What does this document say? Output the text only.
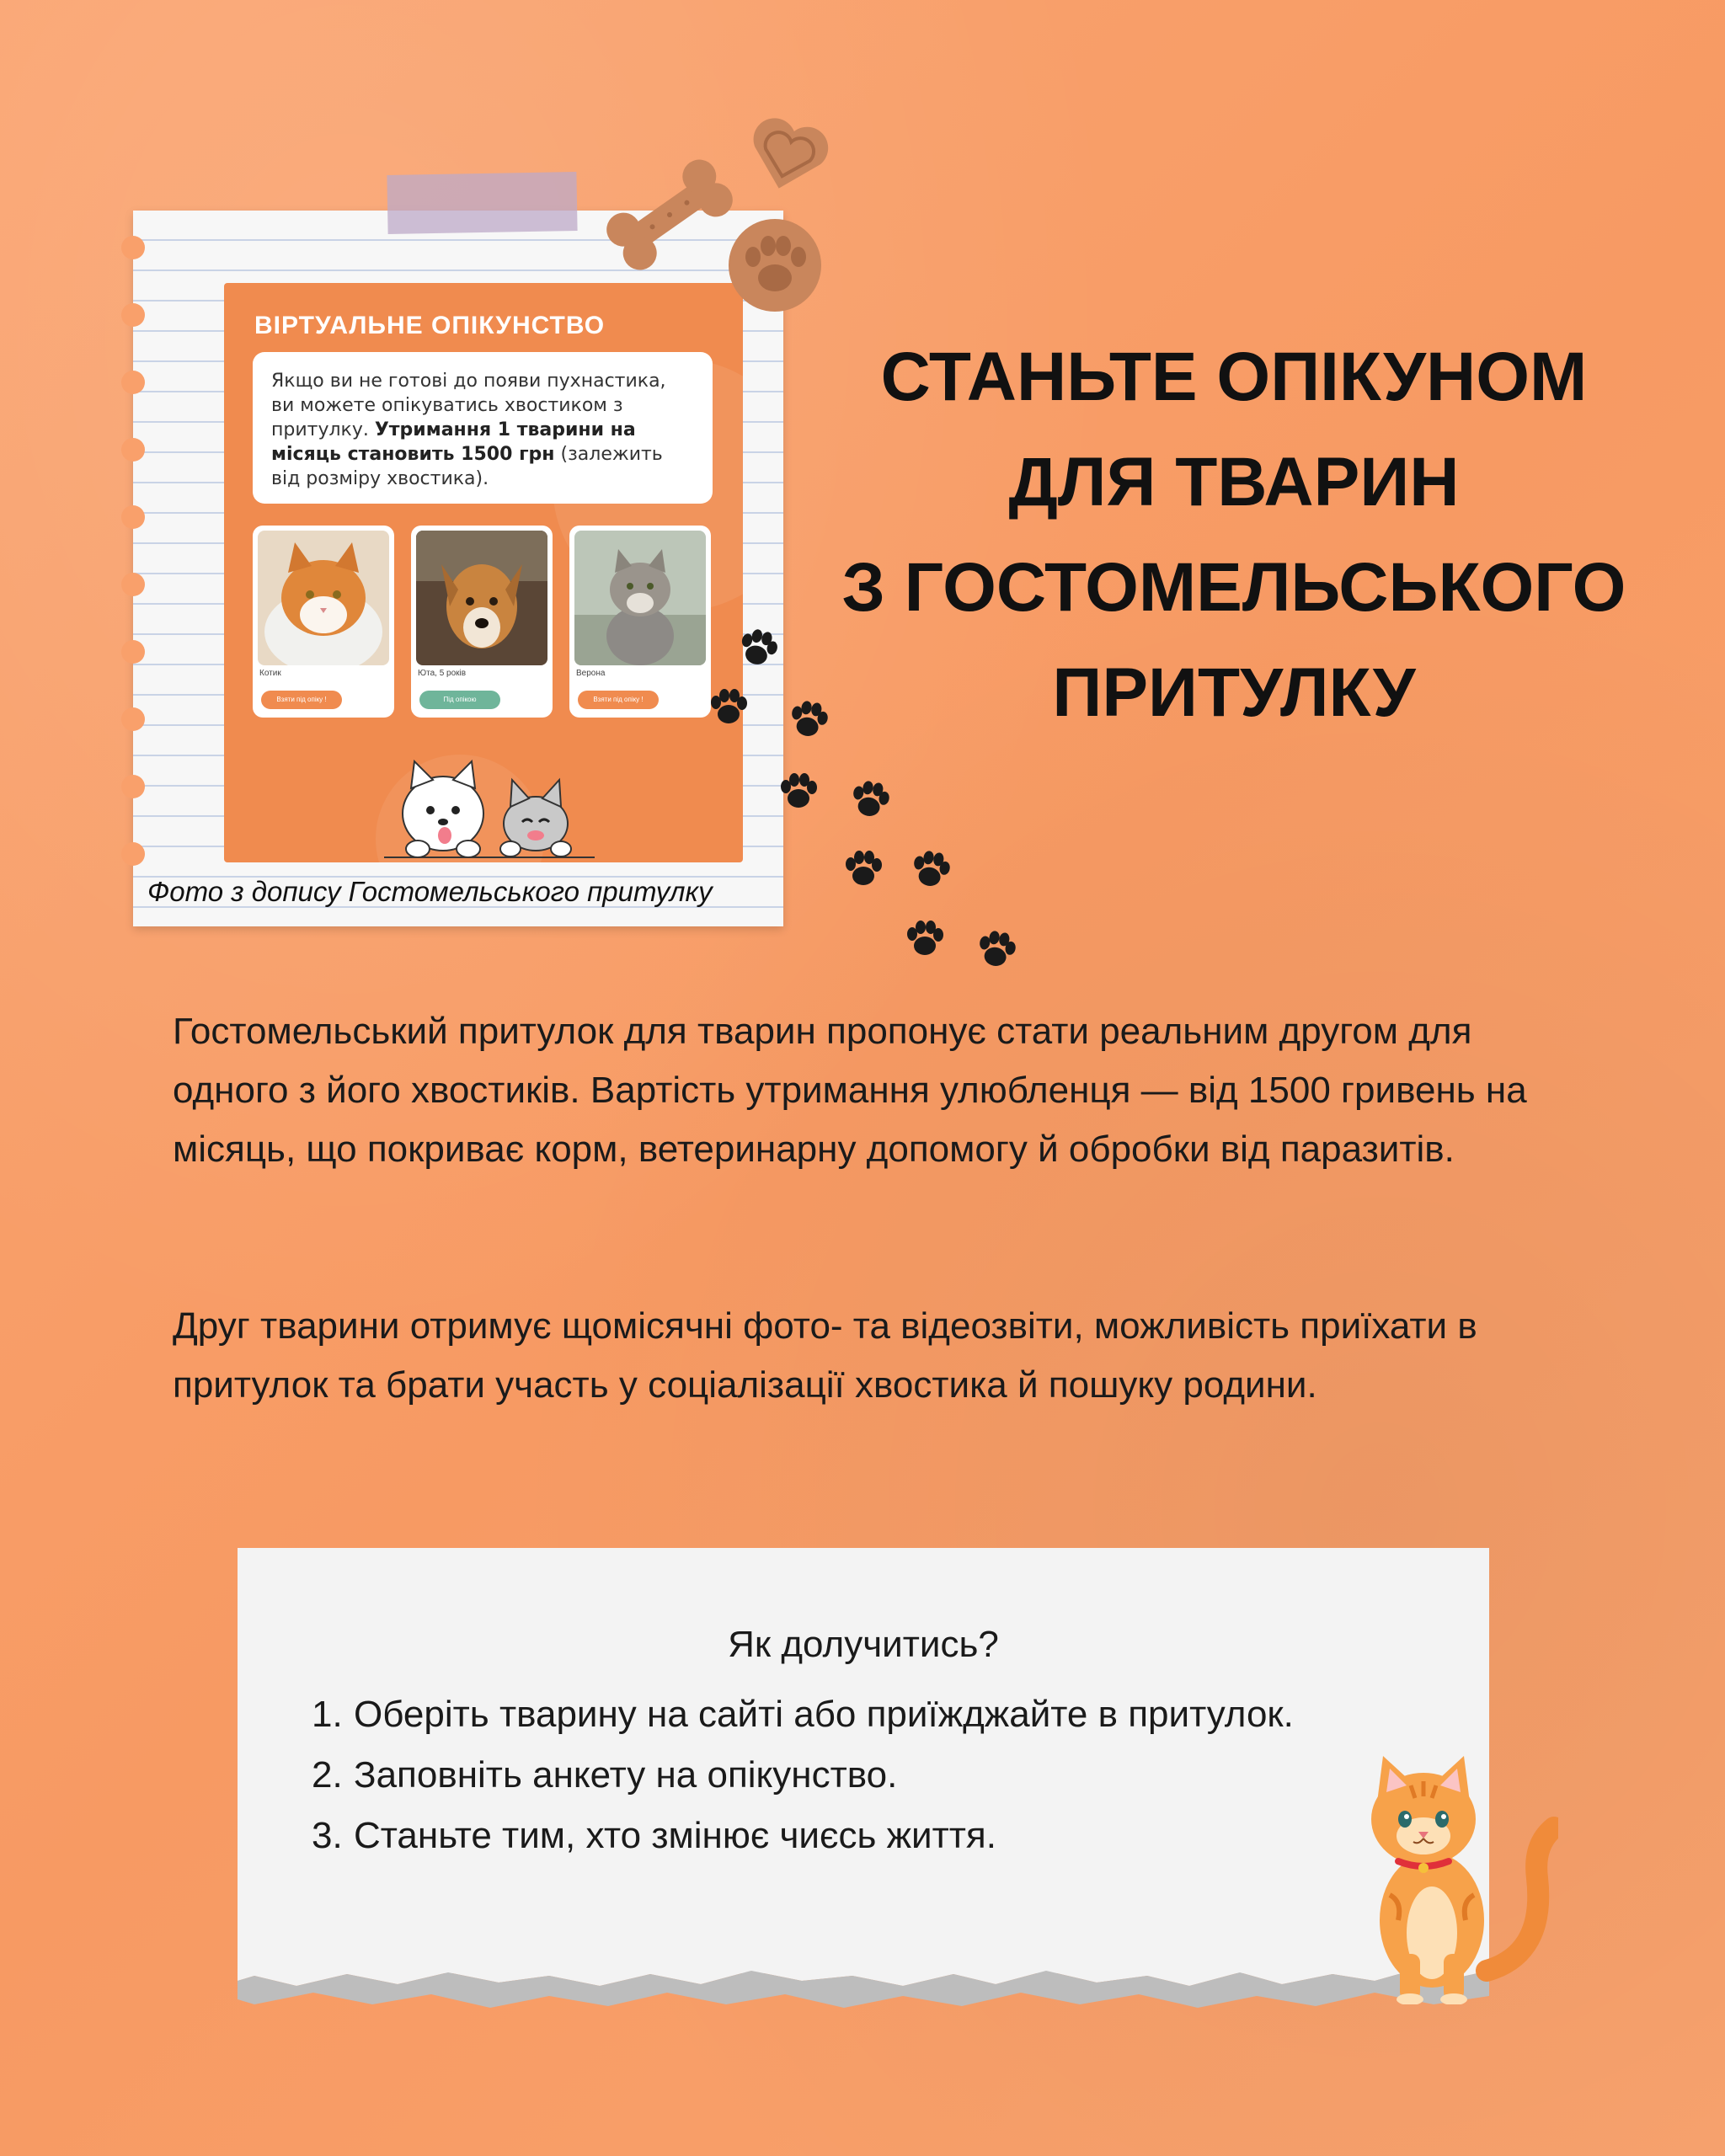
ВІРТУАЛЬНЕ ОПІКУНСТВО
Якщо ви не готові до появи пухнастика, ви можете опікуватись хвостиком з притулку. Утримання 1 тварини на місяць становить 1500 грн (залежить від розміру хвостика).
Котик
Взяти під опіку !
Юта, 5 років
Під опікою
Верона
Взяти під опіку !
Фото з допису Гостомельського притулку
СТАНЬТЕ ОПІКУНОМ
ДЛЯ ТВАРИН
З ГОСТОМЕЛЬСЬКОГО
ПРИТУЛКУ

Гостомельський притулок для тварин пропонує стати реальним другом для одного з його хвостиків. Вартість утримання улюбленця — від 1500 гривень на місяць, що покриває корм, ветеринарну допомогу й обробки від паразитів.

Друг тварини отримує щомісячні фото- та відеозвіти, можливість приїхати в притулок та брати участь у соціалізації хвостика й пошуку родини.

Як долучитись?
1. Оберіть тварину на сайті або приїжджайте в притулок.
2. Заповніть анкету на опікунство.
3. Станьте тим, хто змінює чиєсь життя.
